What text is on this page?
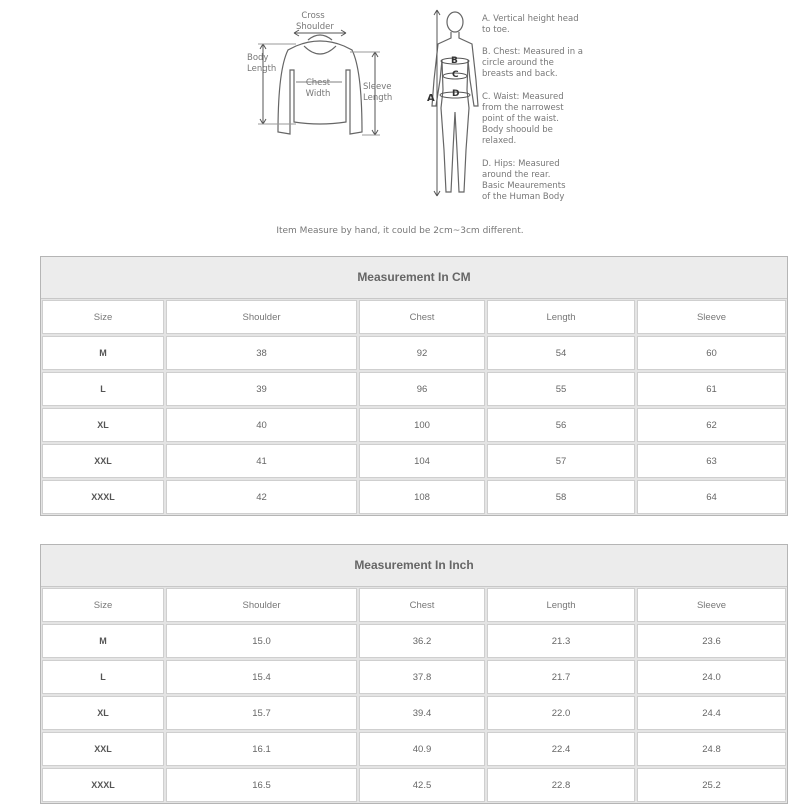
Cross
Shoulder
Body
Length
Chest
Width
Sleeve
Length	A
B
C
D
A. Vertical height head
to toe.
B. Chest: Measured in a
circle around the
breasts and back.
C. Waist: Measured
from the narrowest
point of the waist.
Body shoould be
relaxed.
D. Hips: Measured
around the rear.
Basic Meaurements
of the Human Body
Item Measure by hand, it could be 2cm~3cm different.
Measurement In CM
Size	Shoulder	Chest	Length	Sleeve
M	38	92	54	60
L	39	96	55	61
XL	40	100	56	62
XXL	41	104	57	63
XXXL	42	108	58	64
Measurement In Inch
Size	Shoulder	Chest	Length	Sleeve
M	15.0	36.2	21.3	23.6
L	15.4	37.8	21.7	24.0
XL	15.7	39.4	22.0	24.4
XXL	16.1	40.9	22.4	24.8
XXXL	16.5	42.5	22.8	25.2
